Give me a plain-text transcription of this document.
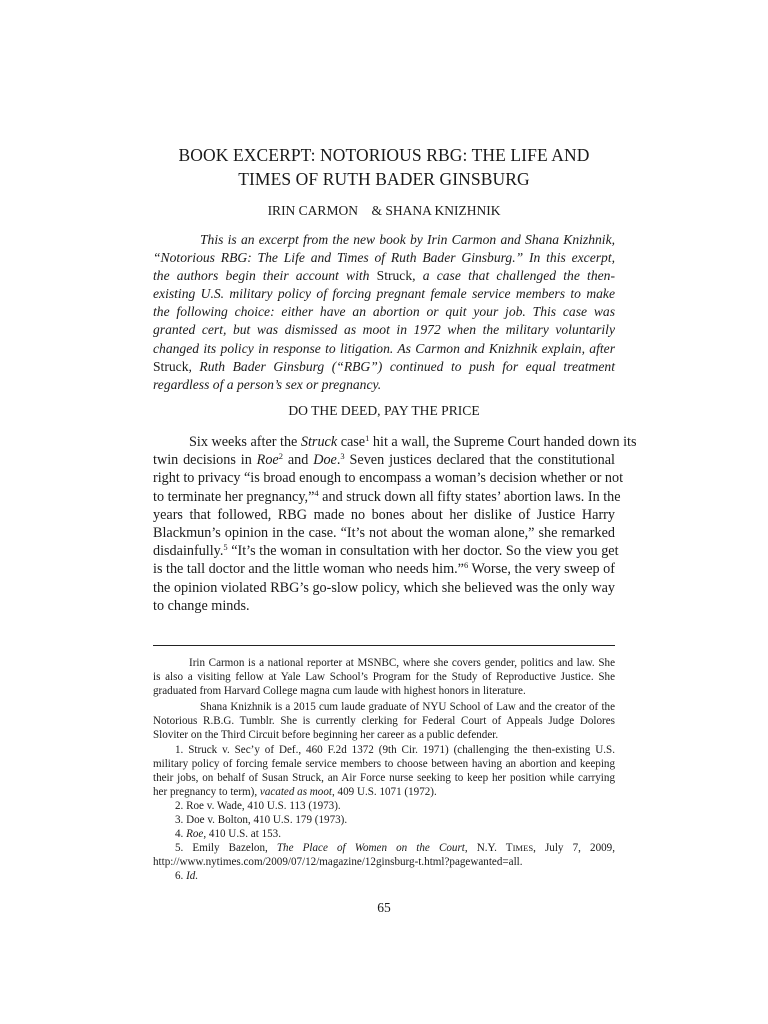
BOOK EXCERPT: NOTORIOUS RBG: THE LIFE AND
TIMES OF RUTH BADER GINSBURG
IRIN CARMON    & SHANA KNIZHNIK
This is an excerpt from the new book by Irin Carmon and Shana Knizhnik,
“Notorious RBG: The Life and Times of Ruth Bader Ginsburg.” In this excerpt,
the authors begin their account with Struck, a case that challenged the then-
existing U.S. military policy of forcing pregnant female service members to make
the following choice: either have an abortion or quit your job. This case was
granted cert, but was dismissed as moot in 1972 when the military voluntarily
changed its policy in response to litigation. As Carmon and Knizhnik explain, after
Struck, Ruth Bader Ginsburg (“RBG”) continued to push for equal treatment
regardless of a person’s sex or pregnancy.
DO THE DEED, PAY THE PRICE
Six weeks after the Struck case$^1$ hit a wall, the Supreme Court handed down its
twin decisions in Roe$^2$ and Doe.$^3$ Seven justices declared that the constitutional
right to privacy “is broad enough to encompass a woman’s decision whether or not
to terminate her pregnancy,”$^4$ and struck down all fifty states’ abortion laws. In the
years that followed, RBG made no bones about her dislike of Justice Harry
Blackmun’s opinion in the case. “It’s not about the woman alone,” she remarked
disdainfully.$^5$ “It’s the woman in consultation with her doctor. So the view you get
is the tall doctor and the little woman who needs him.”$^6$ Worse, the very sweep of
the opinion violated RBG’s go-slow policy, which she believed was the only way
to change minds.
Irin Carmon is a national reporter at MSNBC, where she covers gender, politics and law. She
is also a visiting fellow at Yale Law School’s Program for the Study of Reproductive Justice. She
graduated from Harvard College magna cum laude with highest honors in literature.
Shana Knizhnik is a 2015 cum laude graduate of NYU School of Law and the creator of the
Notorious R.B.G. Tumblr. She is currently clerking for Federal Court of Appeals Judge Dolores
Sloviter on the Third Circuit before beginning her career as a public defender.
1. Struck v. Sec’y of Def., 460 F.2d 1372 (9th Cir. 1971) (challenging the then-existing U.S.
military policy of forcing female service members to choose between having an abortion and keeping
their jobs, on behalf of Susan Struck, an Air Force nurse seeking to keep her position while carrying
her pregnancy to term), vacated as moot, 409 U.S. 1071 (1972).
2. Roe v. Wade, 410 U.S. 113 (1973).
3. Doe v. Bolton, 410 U.S. 179 (1973).
4. Roe, 410 U.S. at 153.
5. Emily Bazelon, The Place of Women on the Court, N.Y. TIMES, July 7, 2009,
http://www.nytimes.com/2009/07/12/magazine/12ginsburg-t.html?pagewanted=all.
6. Id.
65
